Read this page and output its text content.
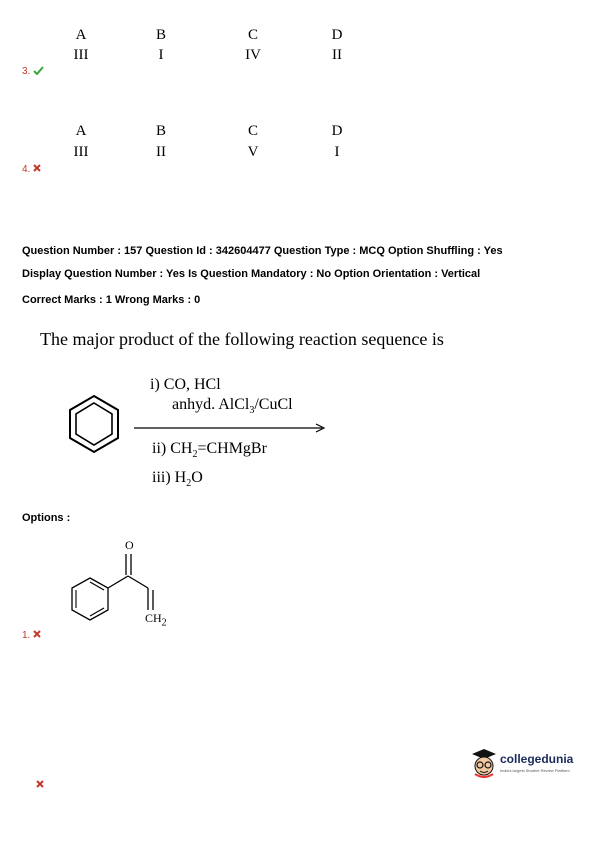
A	B	C	D
III	I	IV	II
3.
A	B	C	D
III	II	V	I
4.
Question Number : 157 Question Id : 342604477 Question Type : MCQ Option Shuffling : Yes
Display Question Number : Yes Is Question Mandatory : No Option Orientation : Vertical
Correct Marks : 1 Wrong Marks : 0
The major product of the following reaction sequence is
i) CO, HCl
anhyd. AlCl$_3$/CuCl
ii) $CH_2=CHMgBr$
iii) $H_2O$
Options :
O
$CH_2$
1.
collegedunia
India's largest Student Review Platform
